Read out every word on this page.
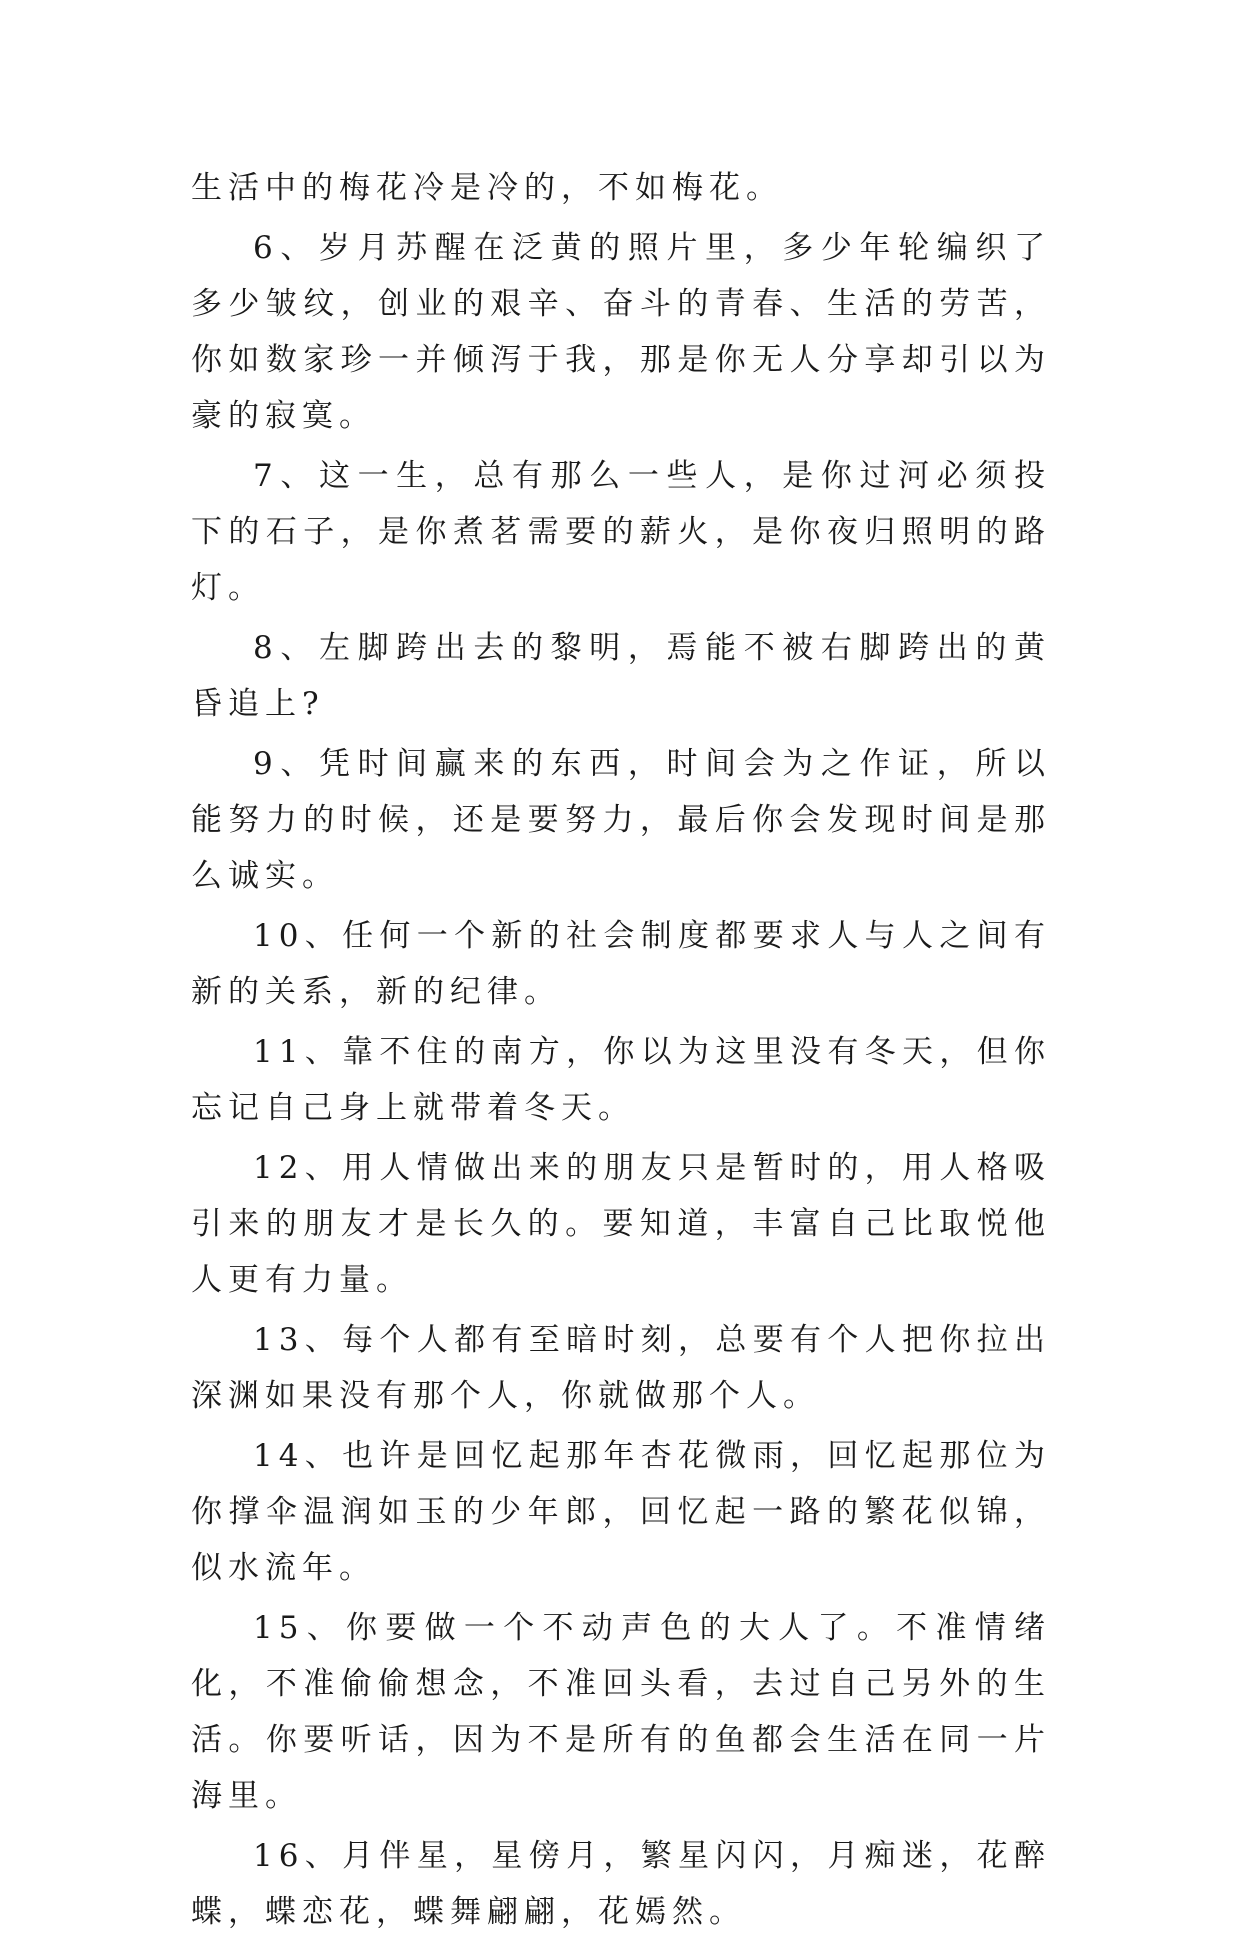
生活中的梅花冷是冷的，不如梅花。

6、岁月苏醒在泛黄的照片里，多少年轮编织了多少皱纹，创业的艰辛、奋斗的青春、生活的劳苦，你如数家珍一并倾泻于我，那是你无人分享却引以为豪的寂寞。

7、这一生，总有那么一些人，是你过河必须投下的石子，是你煮茗需要的薪火，是你夜归照明的路灯。

8、左脚跨出去的黎明，焉能不被右脚跨出的黄昏追上?

9、凭时间赢来的东西，时间会为之作证，所以能努力的时候，还是要努力，最后你会发现时间是那么诚实。

10、任何一个新的社会制度都要求人与人之间有新的关系，新的纪律。

11、靠不住的南方，你以为这里没有冬天，但你忘记自己身上就带着冬天。

12、用人情做出来的朋友只是暂时的，用人格吸引来的朋友才是长久的。要知道，丰富自己比取悦他人更有力量。

13、每个人都有至暗时刻，总要有个人把你拉出深渊如果没有那个人，你就做那个人。

14、也许是回忆起那年杏花微雨，回忆起那位为你撑伞温润如玉的少年郎，回忆起一路的繁花似锦，似水流年。

15、你要做一个不动声色的大人了。不准情绪化，不准偷偷想念，不准回头看，去过自己另外的生活。你要听话，因为不是所有的鱼都会生活在同一片海里。

16、月伴星，星傍月，繁星闪闪，月痴迷，花醉蝶，蝶恋花，蝶舞翩翩，花嫣然。
